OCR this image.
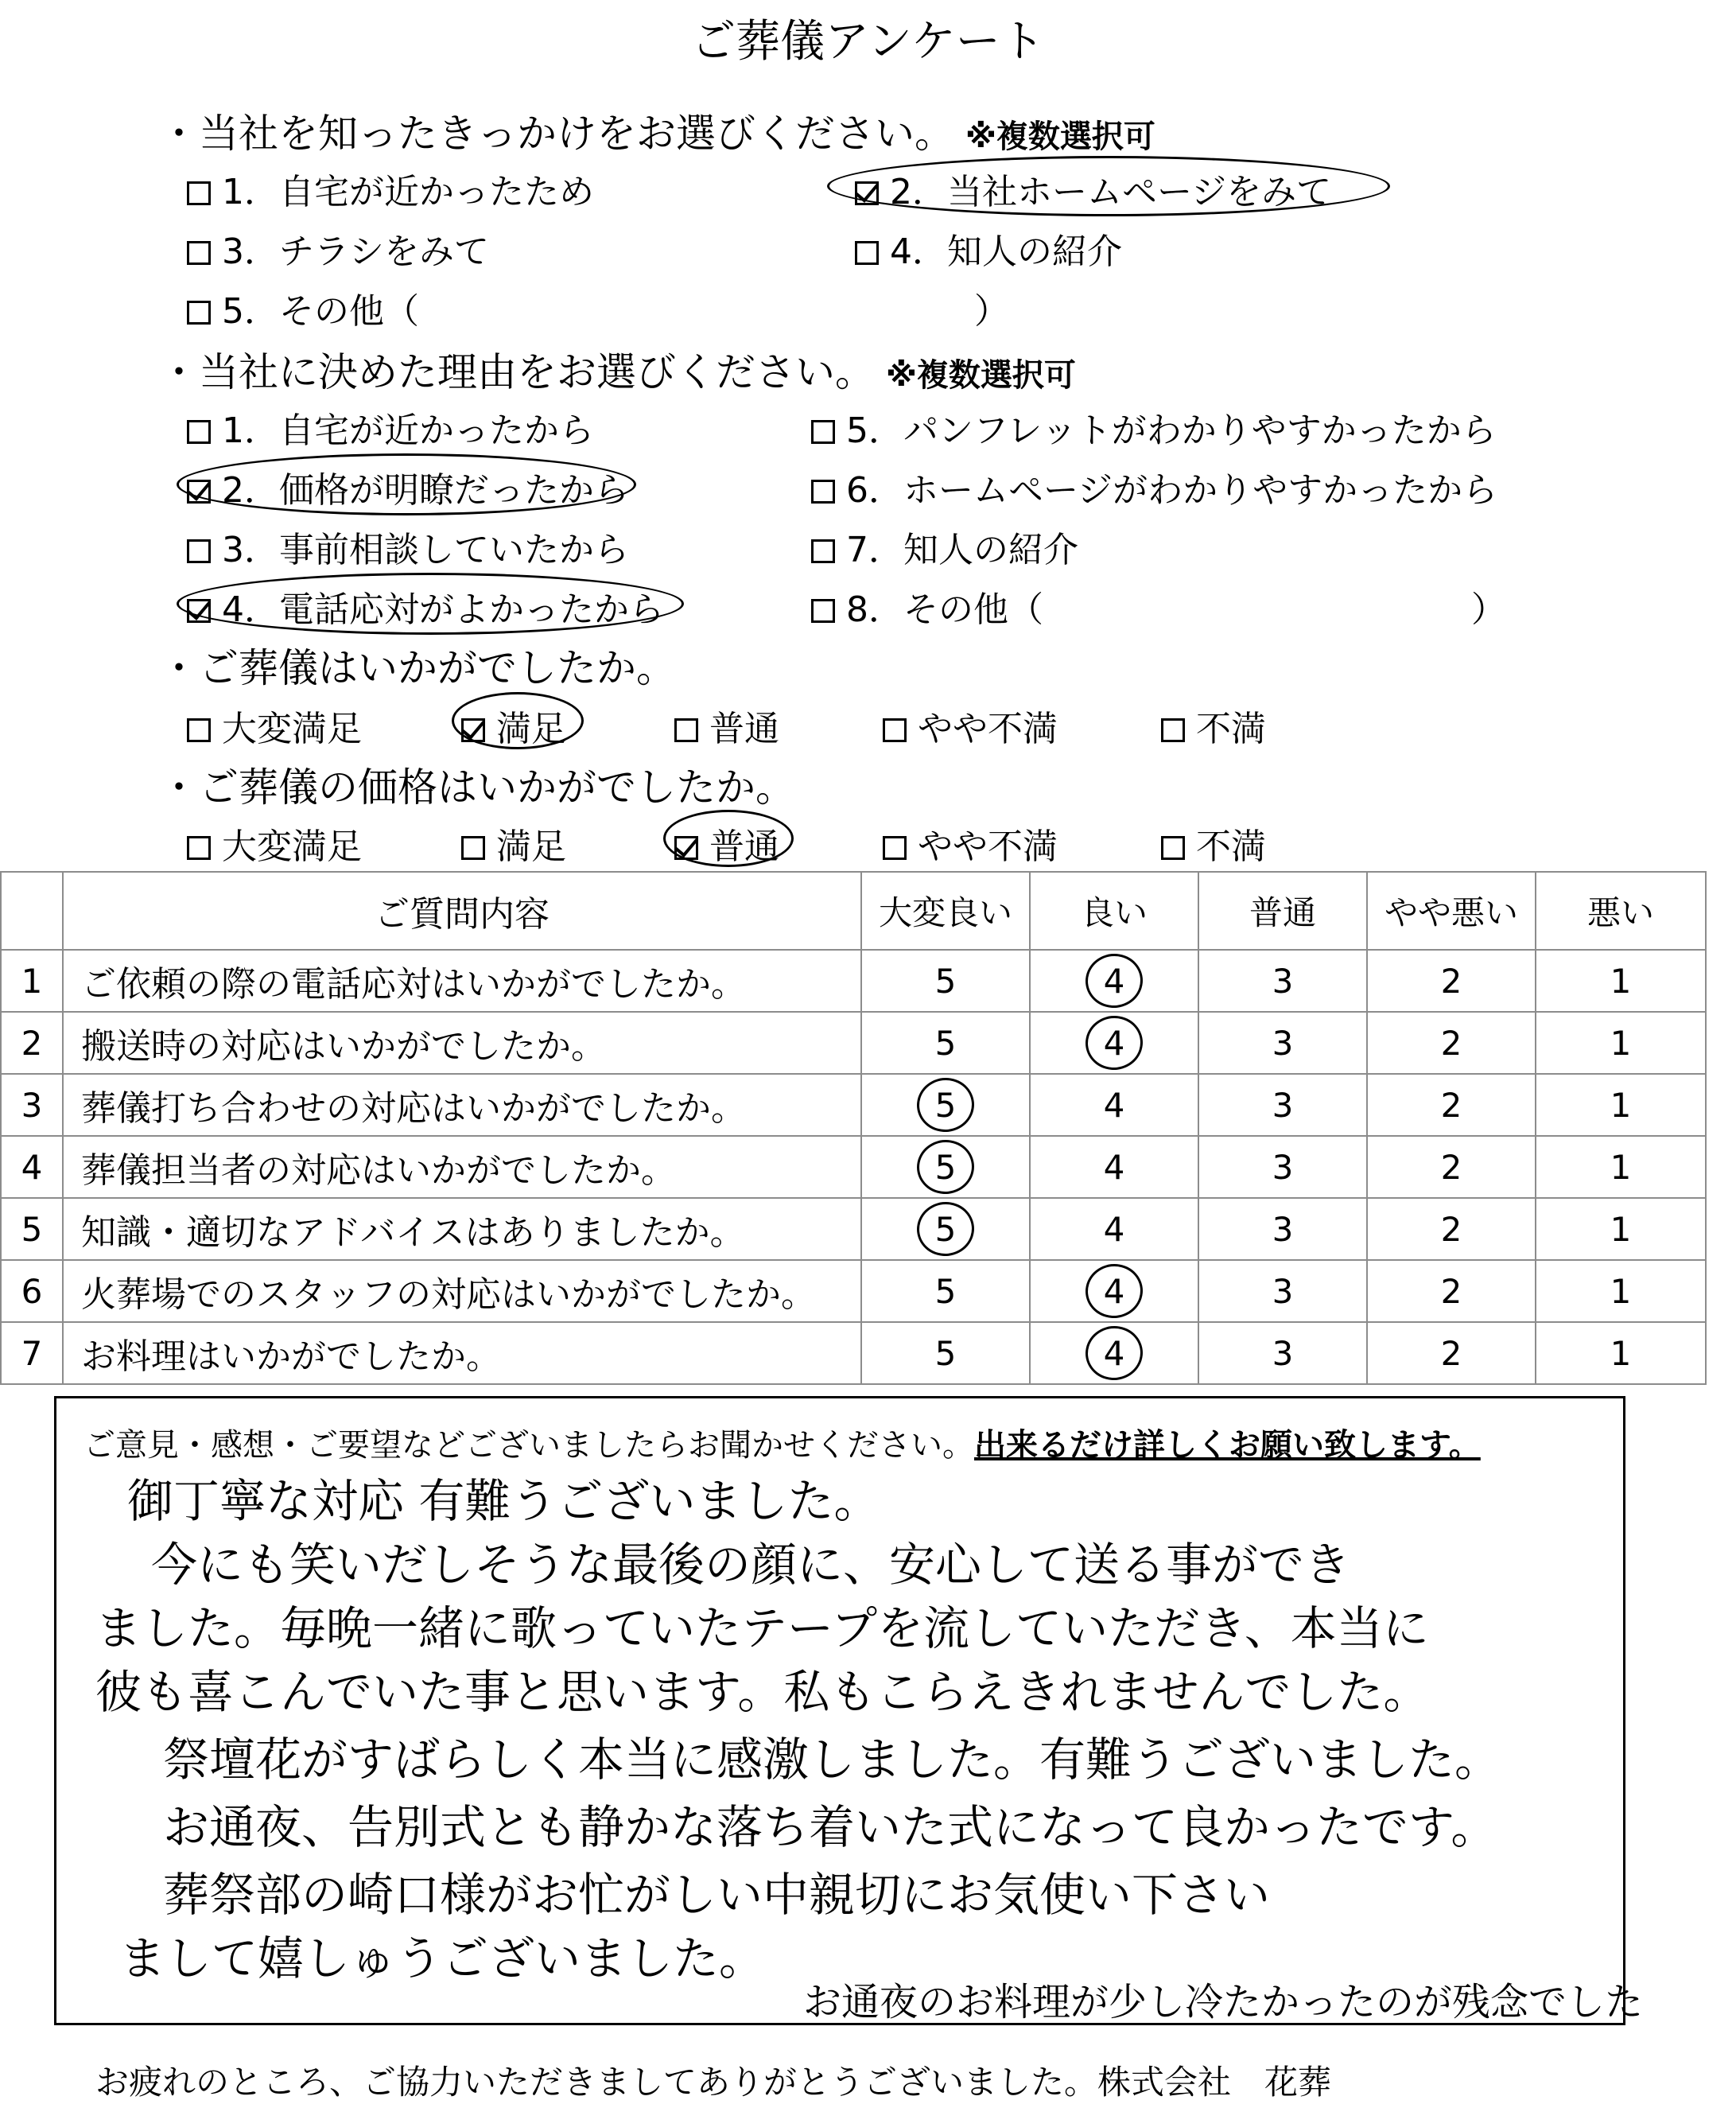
ご葬儀アンケート
・当社を知ったきっかけをお選びください。 ※複数選択可
1．自宅が近かったため	2．当社ホームページをみて
3．チラシをみて	4．知人の紹介
5．その他（	）
・当社に決めた理由をお選びください。 ※複数選択可
1．自宅が近かったから	5．パンフレットがわかりやすかったから
2．価格が明瞭だったから	6．ホームページがわかりやすかったから
3．事前相談していたから	7．知人の紹介
4．電話応対がよかったから	8．その他（	）
・ご葬儀はいかがでしたか。
大変満足	満足	普通	やや不満	不満
・ご葬儀の価格はいかがでしたか。
大変満足	満足	普通	やや不満	不満
	ご質問内容	大変良い	良い	普通	やや悪い	悪い
1	ご依頼の際の電話応対はいかがでしたか。	5	4	3	2	1
2	搬送時の対応はいかがでしたか。	5	4	3	2	1
3	葬儀打ち合わせの対応はいかがでしたか。	5	4	3	2	1
4	葬儀担当者の対応はいかがでしたか。	5	4	3	2	1
5	知識・適切なアドバイスはありましたか。	5	4	3	2	1
6	火葬場でのスタッフの対応はいかがでしたか。	5	4	3	2	1
7	お料理はいかがでしたか。	5	4	3	2	1
ご意見・感想・ご要望などございましたらお聞かせください。出来るだけ詳しくお願い致します。
御丁寧な対応 有難うございました。
今にも笑いだしそうな最後の顔に、安心して送る事ができ
ました。毎晩一緒に歌っていたテープを流していただき、本当に
彼も喜こんでいた事と思います。私もこらえきれませんでした。
祭壇花がすばらしく本当に感激しました。有難うございました。
お通夜、告別式とも静かな落ち着いた式になって良かったです。
葬祭部の崎口様がお忙がしい中親切にお気使い下さい
まして嬉しゅうございました。
お通夜のお料理が少し冷たかったのが残念でした
お疲れのところ、ご協力いただきましてありがとうございました。株式会社　花葬
